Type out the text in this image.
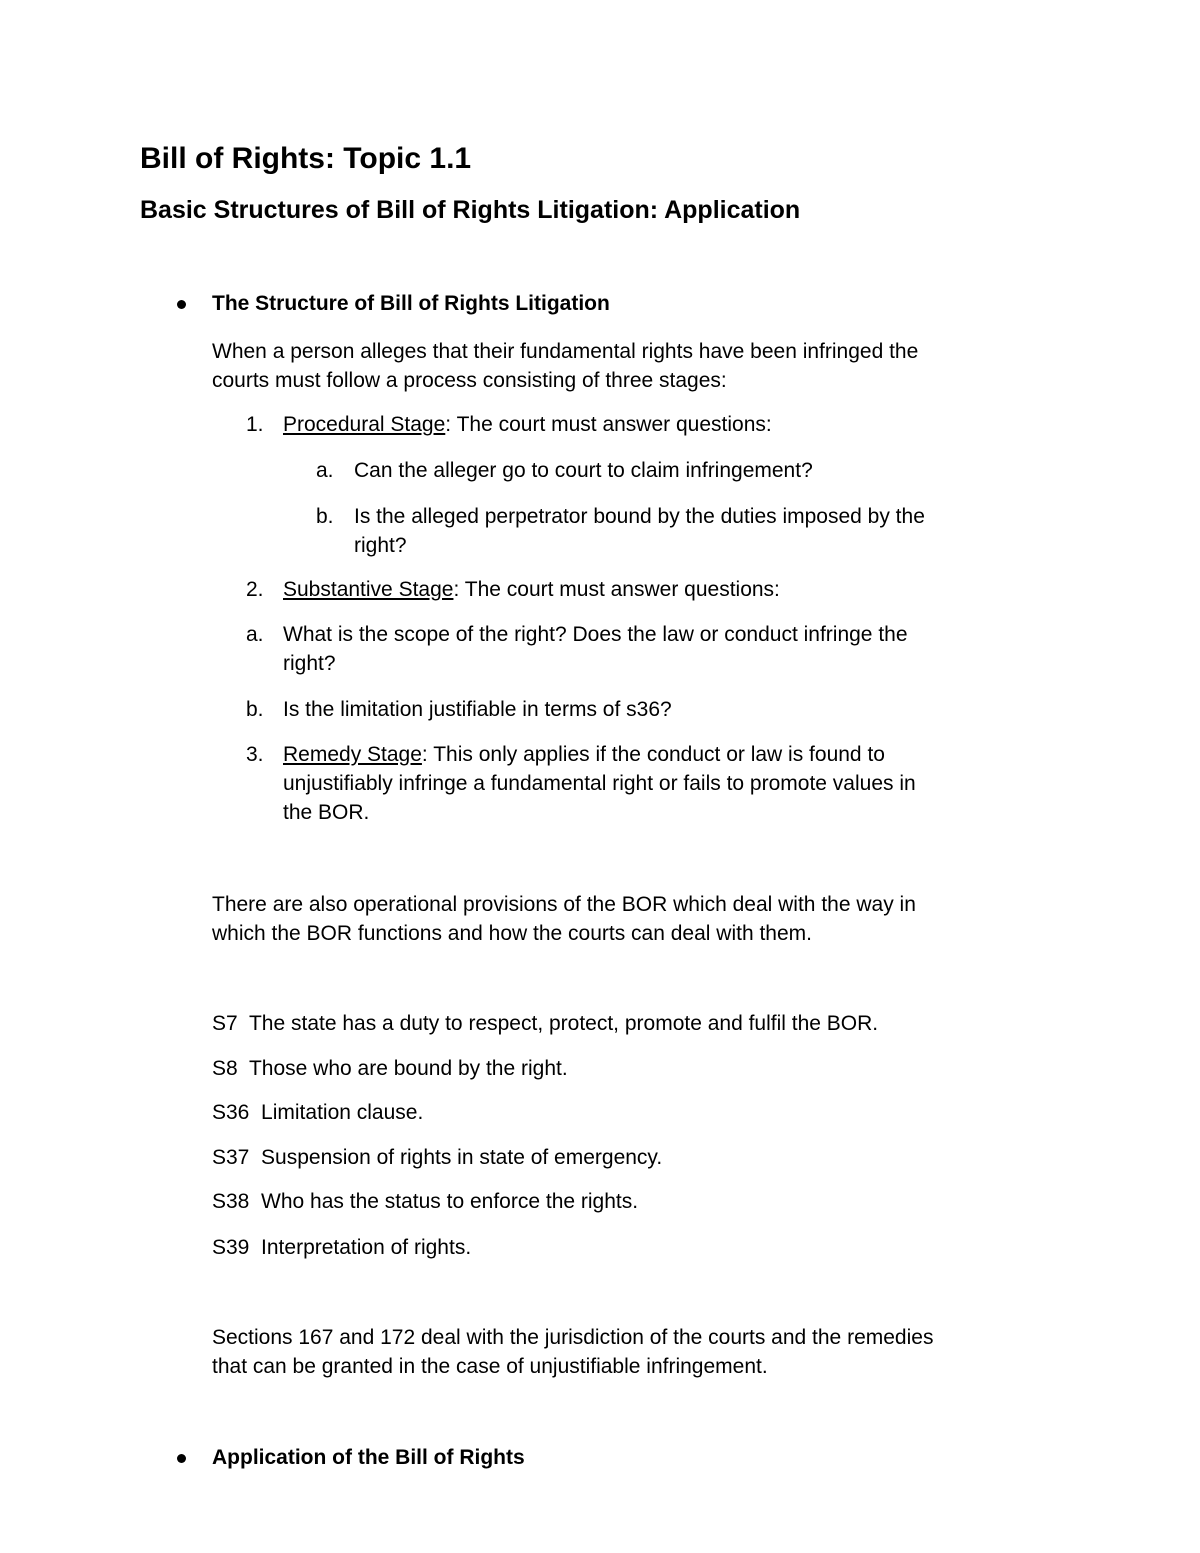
Bill of Rights: Topic 1.1
Basic Structures of Bill of Rights Litigation: Application
The Structure of Bill of Rights Litigation
When a person alleges that their fundamental rights have been infringed the
courts must follow a process consisting of three stages:
1. Procedural Stage: The court must answer questions:
a. Can the alleger go to court to claim infringement?
b. Is the alleged perpetrator bound by the duties imposed by the
right?
2. Substantive Stage: The court must answer questions:
a. What is the scope of the right? Does the law or conduct infringe the
right?
b. Is the limitation justifiable in terms of s36?
3. Remedy Stage: This only applies if the conduct or law is found to
unjustifiably infringe a fundamental right or fails to promote values in
the BOR.
There are also operational provisions of the BOR which deal with the way in
which the BOR functions and how the courts can deal with them.
S7 The state has a duty to respect, protect, promote and fulfil the BOR.
S8 Those who are bound by the right.
S36 Limitation clause.
S37 Suspension of rights in state of emergency.
S38 Who has the status to enforce the rights.
S39 Interpretation of rights.
Sections 167 and 172 deal with the jurisdiction of the courts and the remedies
that can be granted in the case of unjustifiable infringement.
Application of the Bill of Rights
